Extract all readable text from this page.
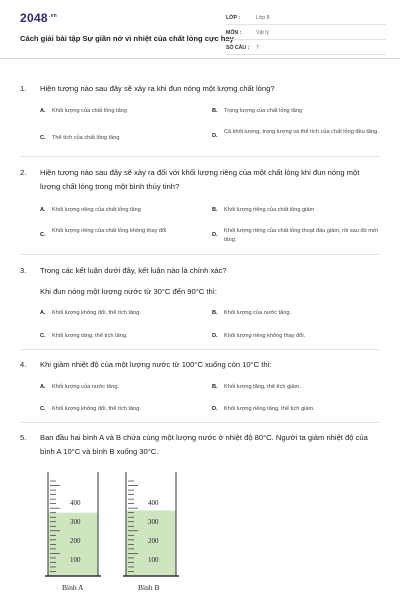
$2048^{.vn}$
Cách giải bài tập Sự giãn nở vì nhiệt của chất lỏng cực hay
LỚP :	Lớp 8
MÔN :	Vật lý
SỐ CÂU : 7
1. Hiện tượng nào sau đây sẽ xảy ra khi đun nóng một lượng chất lỏng?
A. Khối lượng của chất lỏng tăng	B. Trọng lượng của chất lỏng tăng
C. Thể tích của chất lỏng tăng	D.
Cả khối lượng, trọng lượng và thể tích của chất lỏng đều tăng.
2. Hiện tượng nào sau đây sẽ xảy ra đối với khối lượng riêng của một chất lỏng khi đun nóng một lượng chất lỏng trong một bình thủy tinh?
A. Khối lượng riêng của chất lỏng tăng	B. Khối lượng riêng của chất lỏng giảm
C.
Khối lượng riêng của chất lỏng không thay đổi
D.
Khối lượng riêng của chất lỏng thoạt đầu giảm, rồi sau đó mới tăng.
3. Trong các kết luận dưới đây, kết luận nào là chính xác?
Khi đun nóng một lượng nước từ 30°C đến 90°C thì:
A. Khối lượng không đổi, thể tích tăng.	B. Khối lượng của nước tăng.
C. Khối lượng tăng, thể tích tăng.	D. Khối lượng riêng không thay đổi.
4. Khi giảm nhiệt độ của một lượng nước từ 100°C xuống còn 10°C thì:
A. Khối lượng của nước tăng.	B. Khối lượng tăng, thể tích giảm.
C. Khối lượng không đổi, thể tích tăng.	D. Khối lượng riêng tăng, thể tích giảm.
5. Ban đầu hai bình A và B chứa cùng một lượng nước ở nhiệt độ 80°C. Người ta giảm nhiệt độ của bình A 10°C và bình B xuống 30°C.
400
300
200
100
400
300
200
100
Bình A	Bình B
